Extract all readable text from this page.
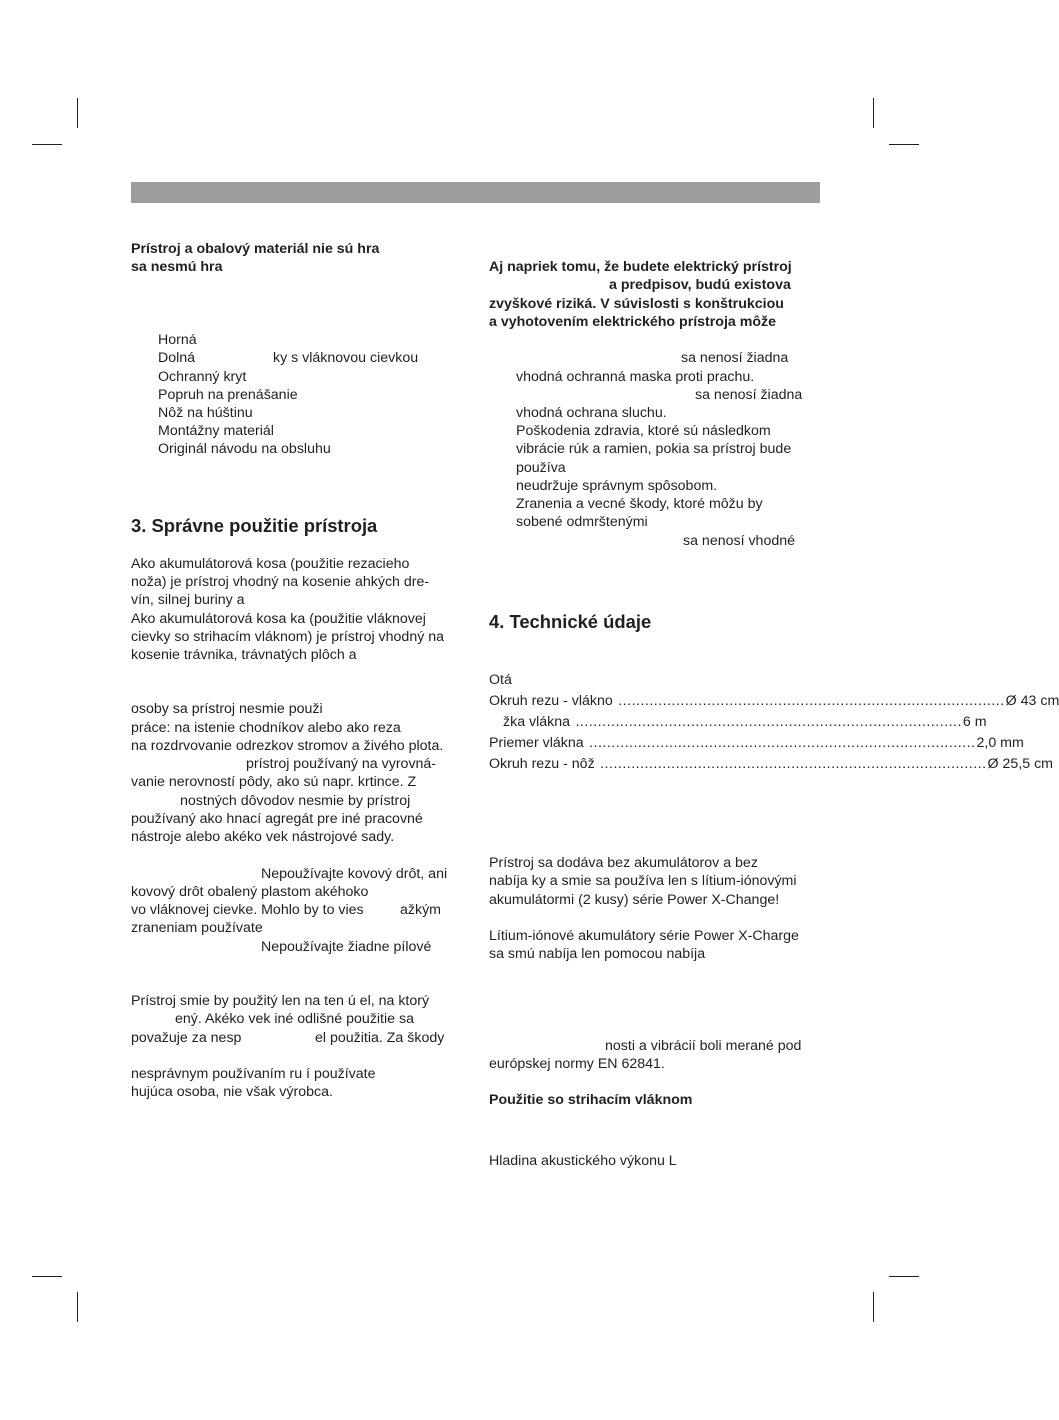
Prístroj a obalový materiál nie sú hra
sa nesmú hra
Horná
Dolná	ky s vláknovou cievkou
Ochranný kryt
Popruh na prenášanie
Nôž na húštinu
Montážny materiál
Originál návodu na obsluhu
3. Správne použitie prístroja
Ako akumulátorová kosa (použitie rezacieho
noža) je prístroj vhodný na kosenie ahkých dre-
vín, silnej buriny a
Ako akumulátorová kosa ka (použitie vláknovej
cievky so strihacím vláknom) je prístroj vhodný na
kosenie trávnika, trávnatých plôch a
osoby sa prístroj nesmie použi
práce: na istenie chodníkov alebo ako reza
na rozdrvovanie odrezkov stromov a živého plota.
prístroj používaný na vyrovná-
vanie nerovností pôdy, ako sú napr. krtince. Z
nostných dôvodov nesmie by prístroj
používaný ako hnací agregát pre iné pracovné
nástroje alebo akéko vek nástrojové sady.
Nepoužívajte kovový drôt, ani
kovový drôt obalený plastom akéhoko
vo vláknovej cievke. Mohlo by to vies	ažkým
zraneniam používate
Nepoužívajte žiadne pílové
Prístroj smie by použitý len na ten ú el, na ktorý
ený. Akéko vek iné odlišné použitie sa
považuje za nesp	el použitia. Za škody
nesprávnym používaním ru í používate
hujúca osoba, nie však výrobca.
Aj napriek tomu, že budete elektrický prístroj
a predpisov, budú existova
zvyškové riziká. V súvislosti s konštrukciou
a vyhotovením elektrického prístroja môže
sa nenosí žiadna
vhodná ochranná maska proti prachu.
sa nenosí žiadna
vhodná ochrana sluchu.
Poškodenia zdravia, ktoré sú následkom
vibrácie rúk a ramien, pokia sa prístroj bude
používa
neudržuje správnym spôsobom.
Zranenia a vecné škody, ktoré môžu by
sobené odmrštenými
sa nenosí vhodné
4. Technické údaje
Otá
Okruh rezu - vlákno ....................................................................................... Ø 43 cm
žka vlákna ....................................................................................... 6 m
Priemer vlákna ....................................................................................... 2,0 mm
Okruh rezu - nôž ....................................................................................... Ø 25,5 cm
Prístroj sa dodáva bez akumulátorov a bez
nabíja ky a smie sa používa len s lítium-iónovými
akumulátormi (2 kusy) série Power X-Change!
Lítium-iónové akumulátory série Power X-Charge
sa smú nabíja len pomocou nabíja
nosti a vibrácií boli merané pod
európskej normy EN 62841.
Použitie so strihacím vláknom
Hladina akustického výkonu L
